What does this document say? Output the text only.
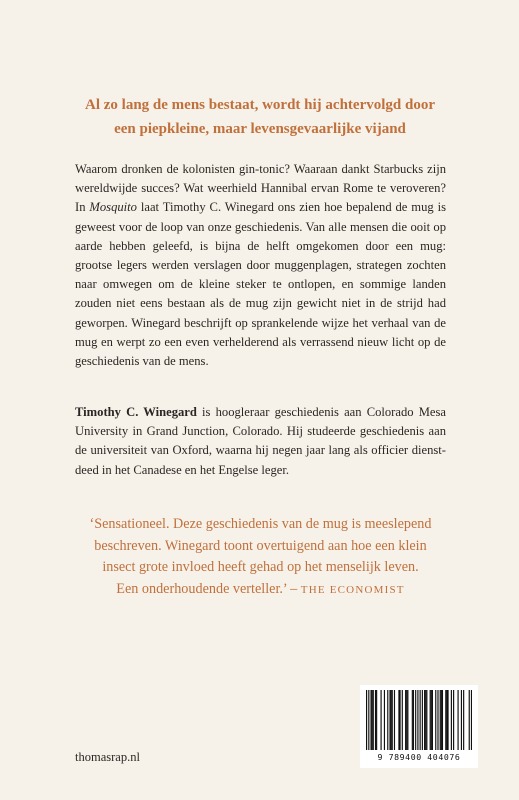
Al zo lang de mens bestaat, wordt hij achtervolgd door
een piepkleine, maar levensgevaarlijke vijand

Waarom dronken de kolonisten gin-tonic? Waaraan dankt Starbucks zijn wereldwijde succes? Wat weerhield Hannibal ervan Rome te veroveren? In Mosquito laat Timothy C. Winegard ons zien hoe bepalend de mug is geweest voor de loop van onze geschiedenis. Van alle mensen die ooit op aarde hebben geleefd, is bijna de helft omgekomen door een mug: grootse legers werden verslagen door muggenplagen, strategen zochten naar omwegen om de kleine steker te ontlopen, en sommige landen zouden niet eens bestaan als de mug zijn gewicht niet in de strijd had geworpen. Winegard beschrijft op sprankelende wijze het verhaal van de mug en werpt zo een even verhelderend als verrassend nieuw licht op de geschiedenis van de mens.

Timothy C. Winegard is hoogleraar geschiedenis aan Colorado Mesa University in Grand Junction, Colorado. Hij studeerde geschiedenis aan de universiteit van Oxford, waarna hij negen jaar lang als officier dienstdeed in het Canadese en het Engelse leger.

‘Sensationeel. Deze geschiedenis van de mug is meeslepend
beschreven. Winegard toont overtuigend aan hoe een klein
insect grote invloed heeft gehad op het menselijk leven.
Een onderhoudende verteller.’ – THE ECONOMIST

thomasrap.nl	9 789400 404076
